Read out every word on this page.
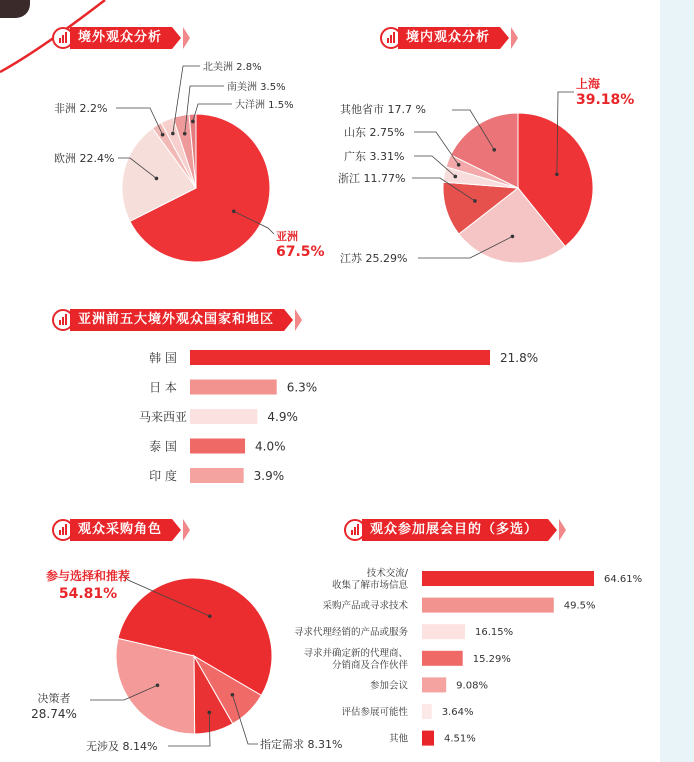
境外观众分析	境内观众分析
亚洲前五大境外观众国家和地区
观众采购角色	观众参加展会目的（多选）
亚洲
67.5%
欧洲 22.4%
非洲 2.2%
北美洲 2.8%
南美洲 3.5%
大洋洲 1.5%
上海
39.18%
江苏 25.29%
浙江 11.77%
广东 3.31%
山东 2.75%
其他省市 17.7 %
韩 国	21.8%
日 本	6.3%
马来西亚	4.9%
泰 国	4.0%
印 度	3.9%
参与选择和推荐
54.81%
指定需求 8.31%
无涉及 8.14%
决策者
28.74%
技术交流/
收集了解市场信息
64.61%
采购产品或寻求技术	49.5%
寻求代理经销的产品或服务	16.15%
寻求并确定新的代理商、
分销商及合作伙伴
15.29%
参加会议	9.08%
评估参展可能性	3.64%
其他	4.51%
